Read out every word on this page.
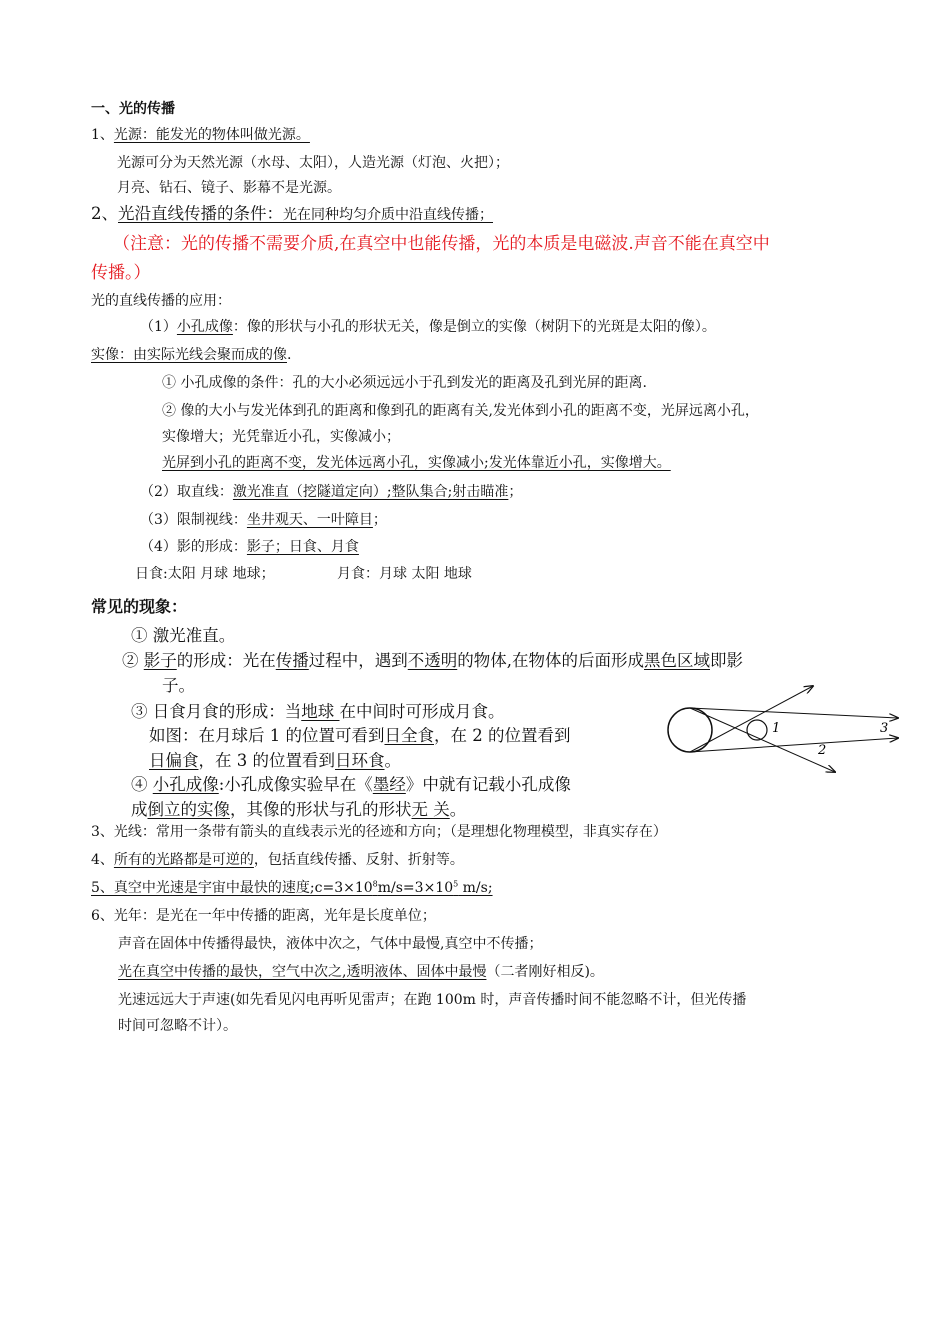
一、光的传播
1、光源：能发光的物体叫做光源。
光源可分为天然光源（水母、太阳），人造光源（灯泡、火把）；
月亮、钻石、镜子、影幕不是光源。
2、光沿直线传播的条件：光在同种均匀介质中沿直线传播；
（注意：光的传播不需要介质,在真空中也能传播，光的本质是电磁波.声音不能在真空中
传播。）
光的直线传播的应用：
（1）小孔成像：像的形状与小孔的形状无关，像是倒立的实像（树阴下的光斑是太阳的像）。
实像：由实际光线会聚而成的像.
① 小孔成像的条件：孔的大小必须远远小于孔到发光的距离及孔到光屏的距离.
② 像的大小与发光体到孔的距离和像到孔的距离有关,发光体到小孔的距离不变，光屏远离小孔，
实像增大；光凭靠近小孔，实像减小；
光屏到小孔的距离不变，发光体远离小孔，实像减小;发光体靠近小孔，实像增大。
（2）取直线：激光准直（挖隧道定向）;整队集合;射击瞄准；
（3）限制视线：坐井观天、一叶障目；
（4）影的形成：影子；日食、月食
日食:太阳 月球 地球；	月食：月球 太阳 地球
常见的现象：
① 激光准直。
② 影子的形成：光在传播过程中，遇到不透明的物体,在物体的后面形成黑色区域即影
子。
③ 日食月食的形成：当地球 在中间时可形成月食。
如图：在月球后 1 的位置可看到日全食，在 2 的位置看到
日偏食，在 3 的位置看到日环食。
④ 小孔成像:小孔成像实验早在《墨经》中就有记载小孔成像
成倒立的实像，其像的形状与孔的形状无 关。
1
2
3
3、光线：常用一条带有箭头的直线表示光的径迹和方向；（是理想化物理模型，非真实存在）
4、所有的光路都是可逆的，包括直线传播、反射、折射等。
5、真空中光速是宇宙中最快的速度$;c=3\times 10^8m/s=3\times 10^5$ m/s;
6、光年：是光在一年中传播的距离，光年是长度单位；
声音在固体中传播得最快，液体中次之，气体中最慢,真空中不传播；
光在真空中传播的最快，空气中次之,透明液体、固体中最慢（二者刚好相反)。
光速远远大于声速(如先看见闪电再听见雷声；在跑 100m 时，声音传播时间不能忽略不计，但光传播
时间可忽略不计）。
